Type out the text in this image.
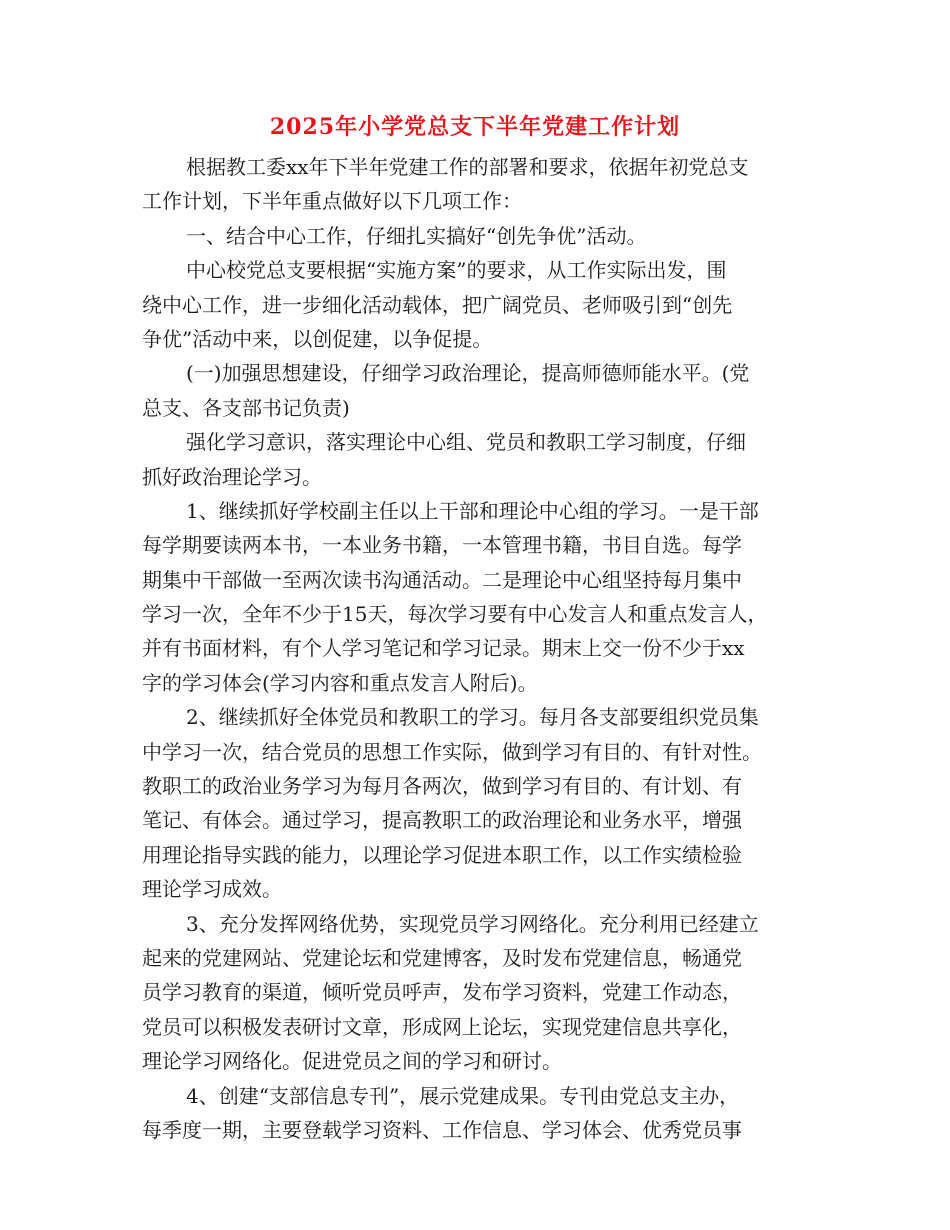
2025年小学党总支下半年党建工作计划

根据教工委xx年下半年党建工作的部署和要求，依据年初党总支
工作计划，下半年重点做好以下几项工作：

一、结合中心工作，仔细扎实搞好“创先争优”活动。

中心校党总支要根据“实施方案”的要求，从工作实际出发，围
绕中心工作，进一步细化活动载体，把广阔党员、老师吸引到“创先
争优”活动中来，以创促建，以争促提。

(一)加强思想建设，仔细学习政治理论，提高师德师能水平。(党
总支、各支部书记负责)

强化学习意识，落实理论中心组、党员和教职工学习制度，仔细
抓好政治理论学习。

1、继续抓好学校副主任以上干部和理论中心组的学习。一是干部
每学期要读两本书，一本业务书籍，一本管理书籍，书目自选。每学
期集中干部做一至两次读书沟通活动。二是理论中心组坚持每月集中
学习一次，全年不少于15天，每次学习要有中心发言人和重点发言人，
并有书面材料，有个人学习笔记和学习记录。期末上交一份不少于xx
字的学习体会(学习内容和重点发言人附后)。

2、继续抓好全体党员和教职工的学习。每月各支部要组织党员集
中学习一次，结合党员的思想工作实际，做到学习有目的、有针对性。
教职工的政治业务学习为每月各两次，做到学习有目的、有计划、有
笔记、有体会。通过学习，提高教职工的政治理论和业务水平，增强
用理论指导实践的能力，以理论学习促进本职工作，以工作实绩检验
理论学习成效。

3、充分发挥网络优势，实现党员学习网络化。充分利用已经建立
起来的党建网站、党建论坛和党建博客，及时发布党建信息，畅通党
员学习教育的渠道，倾听党员呼声，发布学习资料，党建工作动态，
党员可以积极发表研讨文章，形成网上论坛，实现党建信息共享化，
理论学习网络化。促进党员之间的学习和研讨。

4、创建“支部信息专刊”，展示党建成果。专刊由党总支主办，
每季度一期，主要登载学习资料、工作信息、学习体会、优秀党员事
